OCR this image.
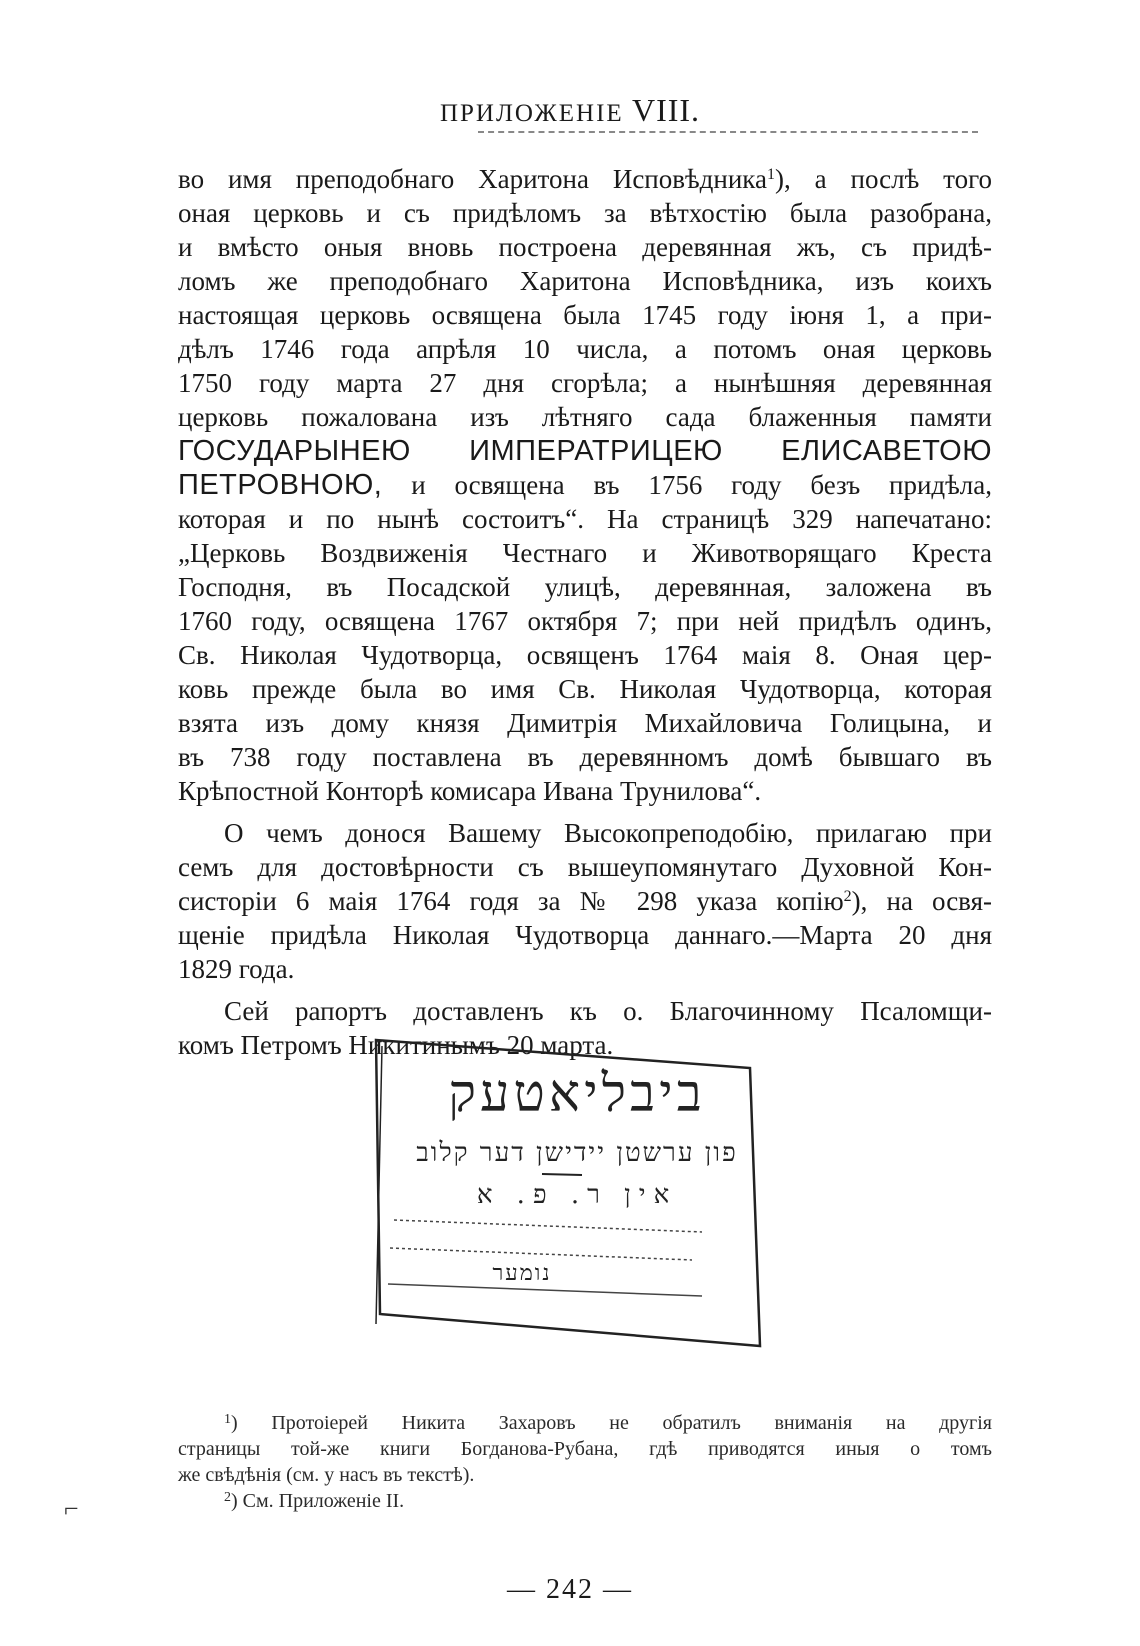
ПРИЛОЖЕНІЕ VIII.
во имя преподобнаго Харитона Исповѣдника$^1$), а послѣ того
оная церковь и съ придѣломъ за вѣтхостію была разобрана,
и вмѣсто оныя вновь построена деревянная жъ, съ придѣ-
ломъ же преподобнаго Харитона Исповѣдника, изъ коихъ
настоящая церковь освящена была 1745 году іюня 1, а при-
дѣлъ 1746 года апрѣля 10 числа, а потомъ оная церковь
1750 году марта 27 дня сгорѣла; а нынѣшняя деревянная
церковь пожалована изъ лѣтняго сада блаженныя памяти
ГОСУДАРЫНЕЮ ИМПЕРАТРИЦЕЮ ЕЛИСАВЕТОЮ
ПЕТРОВНОЮ, и освящена въ 1756 году безъ придѣла,
которая и по нынѣ состоитъ“. На страницѣ 329 напечатано:
„Церковь Воздвиженія Честнаго и Животворящаго Креста
Господня, въ Посадской улицѣ, деревянная, заложена въ
1760 году, освящена 1767 октября 7; при ней придѣлъ одинъ,
Св. Николая Чудотворца, освященъ 1764 маія 8. Оная цер-
ковь прежде была во имя Св. Николая Чудотворца, которая
взята изъ дому князя Димитрія Михайловича Голицына, и
въ 738 году поставлена въ деревянномъ домѣ бывшаго въ
Крѣпостной Конторѣ комисара Ивана Трунилова“.
О чемъ донося Вашему Высокопреподобію, прилагаю при
семъ для достовѣрности съ вышеупомянутаго Духовной Кон-
систоріи 6 маія 1764 годя за № 298 указа копію$^2$), на освя-
щеніе придѣла Николая Чудотворца даннаго.—Марта 20 дня
1829 года.
Сей рапортъ доставленъ къ о. Благочинному Псаломщи-
комъ Петромъ Никитинымъ 20 марта.
ביבליאטעק
פון ערשטן יידישן דער קלוב
אין ר. פ. א
נומער
$^1$) Протоіерей Никита Захаровъ не обратилъ вниманія на другія
страницы той-же книги Богданова-Рубана, гдѣ приводятся иныя о томъ
же свѣдѣнія (см. у насъ въ текстѣ).
$^2$) См. Приложеніе II.
⌐
— 242 —
